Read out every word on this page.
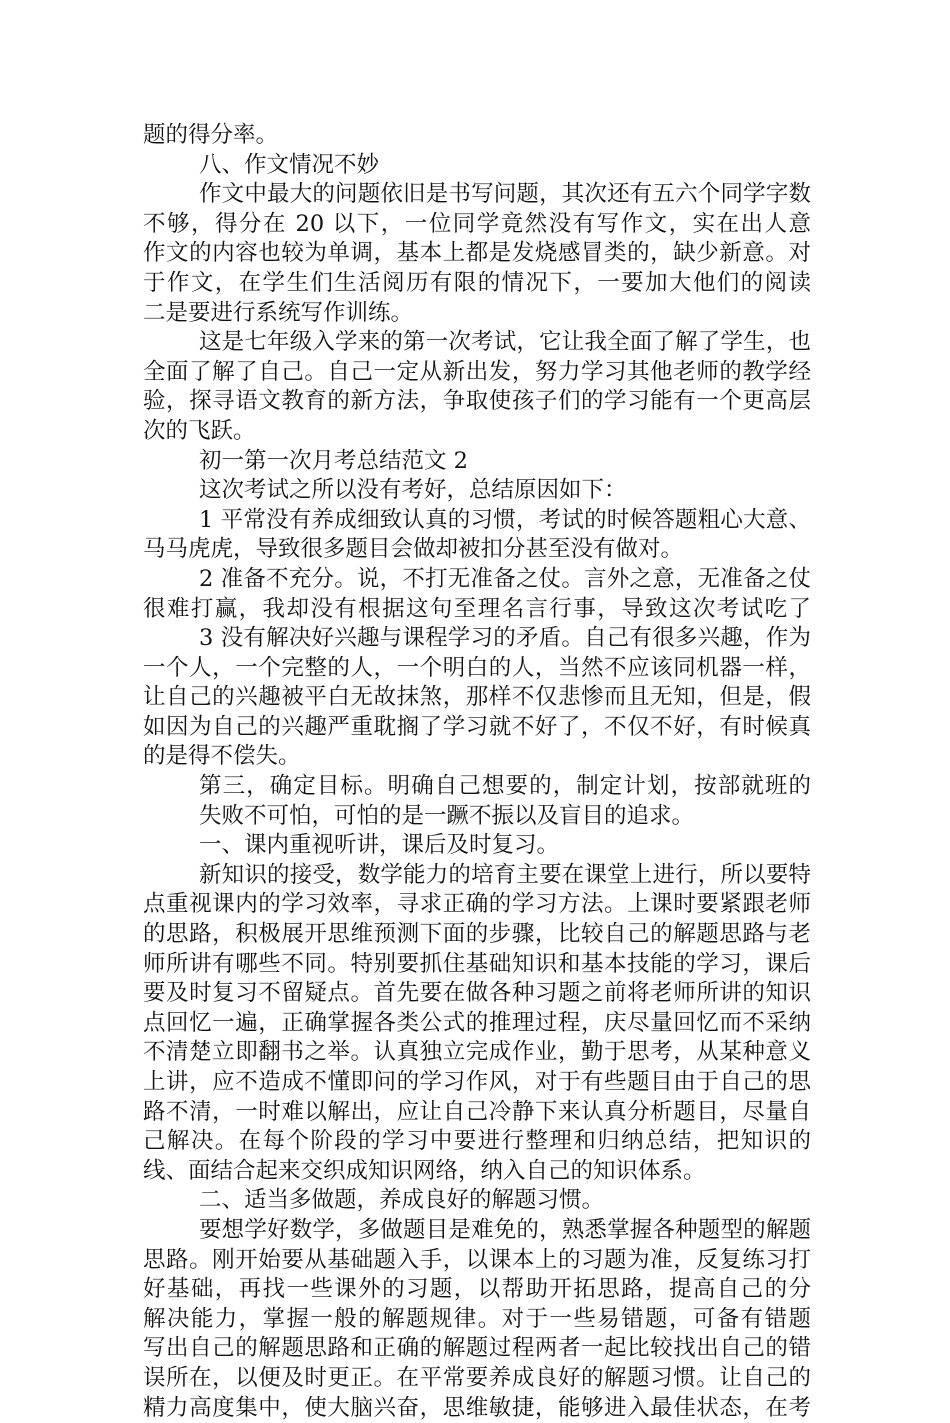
题的得分率。
八、作文情况不妙
作文中最大的问题依旧是书写问题，其次还有五六个同学字数
不够，得分在 20 以下，一位同学竟然没有写作文，实在出人意
作文的内容也较为单调，基本上都是发烧感冒类的，缺少新意。对
于作文，在学生们生活阅历有限的情况下，一要加大他们的阅读
二是要进行系统写作训练。
这是七年级入学来的第一次考试，它让我全面了解了学生，也
全面了解了自己。自己一定从新出发，努力学习其他老师的教学经
验，探寻语文教育的新方法，争取使孩子们的学习能有一个更高层
次的飞跃。
初一第一次月考总结范文 2
这次考试之所以没有考好，总结原因如下：
1 平常没有养成细致认真的习惯，考试的时候答题粗心大意、
马马虎虎，导致很多题目会做却被扣分甚至没有做对。
2 准备不充分。说，不打无准备之仗。言外之意，无准备之仗
很难打赢，我却没有根据这句至理名言行事，导致这次考试吃了
3 没有解决好兴趣与课程学习的矛盾。自己有很多兴趣，作为
一个人，一个完整的人，一个明白的人，当然不应该同机器一样，
让自己的兴趣被平白无故抹煞，那样不仅悲惨而且无知，但是，假
如因为自己的兴趣严重耽搁了学习就不好了，不仅不好，有时候真
的是得不偿失。
第三，确定目标。明确自己想要的，制定计划，按部就班的
失败不可怕，可怕的是一蹶不振以及盲目的追求。
一、课内重视听讲，课后及时复习。
新知识的接受，数学能力的培育主要在课堂上进行，所以要特
点重视课内的学习效率，寻求正确的学习方法。上课时要紧跟老师
的思路，积极展开思维预测下面的步骤，比较自己的解题思路与老
师所讲有哪些不同。特别要抓住基础知识和基本技能的学习，课后
要及时复习不留疑点。首先要在做各种习题之前将老师所讲的知识
点回忆一遍，正确掌握各类公式的推理过程，庆尽量回忆而不采纳
不清楚立即翻书之举。认真独立完成作业，勤于思考，从某种意义
上讲，应不造成不懂即问的学习作风，对于有些题目由于自己的思
路不清，一时难以解出，应让自己冷静下来认真分析题目，尽量自
己解决。在每个阶段的学习中要进行整理和归纳总结，把知识的
线、面结合起来交织成知识网络，纳入自己的知识体系。
二、适当多做题，养成良好的解题习惯。
要想学好数学，多做题目是难免的，熟悉掌握各种题型的解题
思路。刚开始要从基础题入手，以课本上的习题为准，反复练习打
好基础，再找一些课外的习题，以帮助开拓思路，提高自己的分
解决能力，掌握一般的解题规律。对于一些易错题，可备有错题
写出自己的解题思路和正确的解题过程两者一起比较找出自己的错
误所在，以便及时更正。在平常要养成良好的解题习惯。让自己的
精力高度集中，使大脑兴奋，思维敏捷，能够进入最佳状态，在考
